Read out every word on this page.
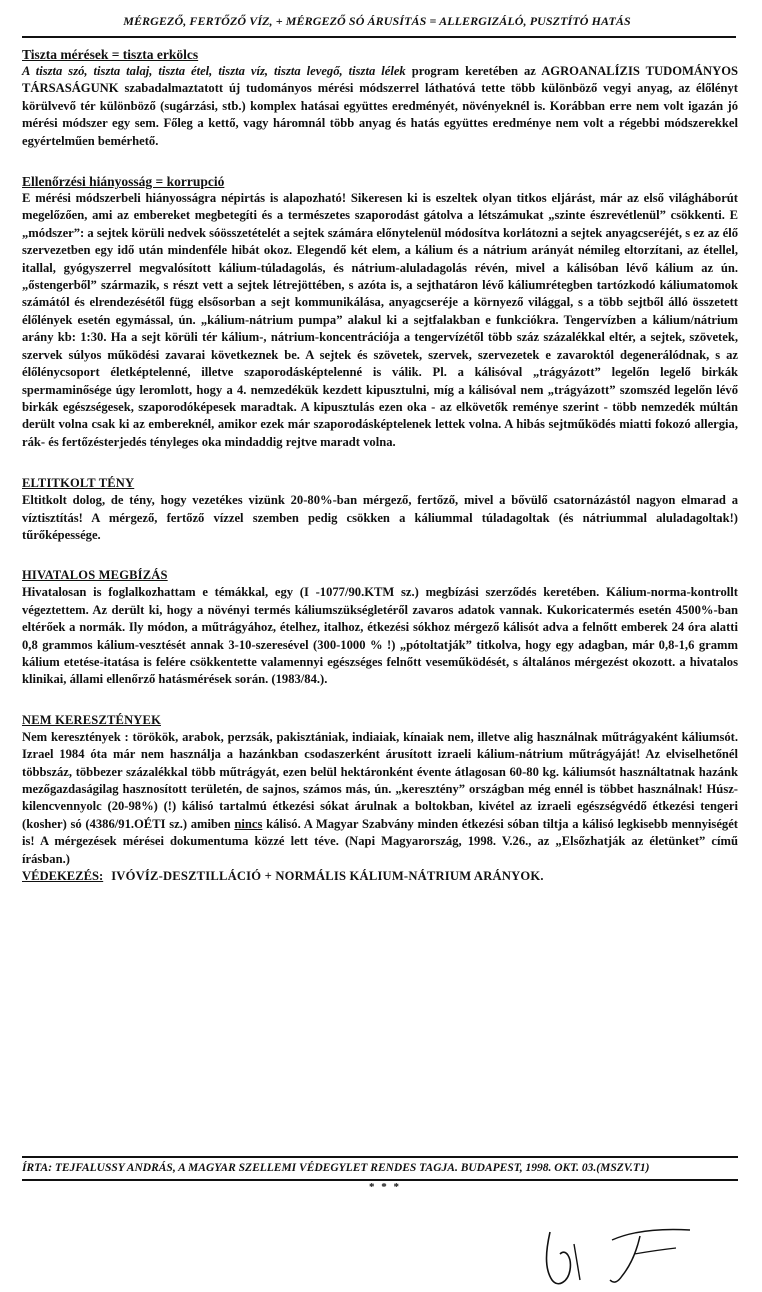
MÉRGEZŐ, FERTŐZŐ VÍZ, + MÉRGEZŐ SÓ ÁRUSÍTÁS = ALLERGIZÁLÓ, PUSZTÍTÓ HATÁS
Tiszta mérések = tiszta erkölcs

A tiszta szó, tiszta talaj, tiszta étel, tiszta víz, tiszta levegő, tiszta lélek program keretében az AGROANALÍZIS TUDOMÁNYOS TÁRSASÁGUNK szabadalmaztatott új tudományos mérési módszerrel láthatóvá tette több különböző vegyi anyag, az élőlényt körülvevő tér különböző (sugárzási, stb.) komplex hatásai együttes eredményét, növényeknél is. Korábban erre nem volt igazán jó mérési módszer egy sem. Főleg a kettő, vagy háromnál több anyag és hatás együttes eredménye nem volt a régebbi módszerekkel egyértelműen bemérhető.

Ellenőrzési hiányosság = korrupció

E mérési módszerbeli hiányosságra népirtás is alapozható! Sikeresen ki is eszeltek olyan titkos eljárást, már az első világháborút megelőzően, ami az embereket megbetegíti és a természetes szaporodást gátolva a létszámukat „szinte észrevétlenül” csökkenti. E „módszer”: a sejtek körüli nedvek sóösszetételét a sejtek számára előnytelenül módosítva korlátozni a sejtek anyagcseréjét, s ez az élő szervezetben egy idő után mindenféle hibát okoz. Elegendő két elem, a kálium és a nátrium arányát némileg eltorzítani, az étellel, itallal, gyógyszerrel megvalósított kálium-túladagolás, és nátrium-aluladagolás révén, mivel a kálisóban lévő kálium az ún. „őstengerből” származik, s részt vett a sejtek létrejöttében, s azóta is, a sejthatáron lévő káliumrétegben tartózkodó káliumatomok számától és elrendezésétől függ elsősorban a sejt kommunikálása, anyagcseréje a környező világgal, s a több sejtből álló összetett élőlények esetén egymással, ún. „kálium-nátrium pumpa” alakul ki a sejtfalakban e funkciókra. Tengervízben a kálium/nátrium arány kb: 1:30. Ha a sejt körüli tér kálium-, nátrium-koncentrációja a tengervízétől több száz százalékkal eltér, a sejtek, szövetek, szervek súlyos működési zavarai következnek be. A sejtek és szövetek, szervek, szervezetek e zavaroktól degenerálódnak, s az élőlénycsoport életképtelenné, illetve szaporodásképtelenné is válik. Pl. a kálisóval „trágyázott” legelőn legelő birkák spermaminősége úgy leromlott, hogy a 4. nemzedékük kezdett kipusztulni, míg a kálisóval nem „trágyázott” szomszéd legelőn lévő birkák egészségesek, szaporodóképesek maradtak. A kipusztulás ezen oka - az elkövetők reménye szerint - több nemzedék múltán derült volna csak ki az embereknél, amikor ezek már szaporodásképtelenek lettek volna. A hibás sejtműködés miatti fokozó allergia, rák- és fertőzésterjedés tényleges oka mindaddig rejtve maradt volna.

ELTITKOLT TÉNY

Eltitkolt dolog, de tény, hogy vezetékes vizünk 20-80%-ban mérgező, fertőző, mivel a bővülő csatornázástól nagyon elmarad a víztisztítás! A mérgező, fertőző vízzel szemben pedig csökken a káliummal túladagoltak (és nátriummal aluladagoltak!) tűrőképessége.

HIVATALOS MEGBÍZÁS

Hivatalosan is foglalkozhattam e témákkal, egy (I -1077/90.KTM sz.) megbízási szerződés keretében. Kálium-norma-kontrollt végeztettem. Az derült ki, hogy a növényi termés káliumszükségletéről zavaros adatok vannak. Kukoricatermés esetén 4500%-ban eltérőek a normák. Ily módon, a műtrágyához, ételhez, italhoz, étkezési sókhoz mérgező kálisót adva a felnőtt emberek 24 óra alatti 0,8 grammos kálium-vesztését annak 3-10-szeresével (300-1000 % !) „pótoltatják” titkolva, hogy egy adagban, már 0,8-1,6 gramm kálium etetése-itatása is felére csökkentette valamennyi egészséges felnőtt veseműködését, s általános mérgezést okozott. a hivatalos klinikai, állami ellenőrző hatásmérések során. (1983/84.).

NEM KERESZTÉNYEK

Nem keresztények : törökök, arabok, perzsák, pakisztániak, indiaiak, kínaiak nem, illetve alig használnak műtrágyaként káliumsót. Izrael 1984 óta már nem használja a hazánkban csodaszerként árusított izraeli kálium-nátrium műtrágyáját! Az elviselhetőnél többszáz, többezer százalékkal több műtrágyát, ezen belül hektáronként évente átlagosan 60-80 kg. káliumsót használtatnak hazánk mezőgazdaságilag hasznosított területén, de sajnos, számos más, ún. „keresztény” országban még ennél is többet használnak! Húsz-kilencvennyolc (20-98%) (!) kálisó tartalmú étkezési sókat árulnak a boltokban, kivétel az izraeli egészségvédő étkezési tengeri (kosher) só (4386/91.OÉTI sz.) amiben nincs kálisó. A Magyar Szabvány minden étkezési sóban tiltja a kálisó legkisebb mennyiségét is! A mérgezések mérései dokumentuma közzé lett téve. (Napi Magyarország, 1998. V.26., az „Elsőzhatják az életünket” című írásban.)

VÉDEKEZÉS: IVÓVÍZ-DESZTILLÁCIÓ + NORMÁLIS KÁLIUM-NÁTRIUM ARÁNYOK.
ÍRTA: TEJFALUSSY ANDRÁS, A MAGYAR SZELLEMI VÉDEGYLET RENDES TAGJA. BUDAPEST, 1998. OKT. 03.(MSZV.T1)
* * *
